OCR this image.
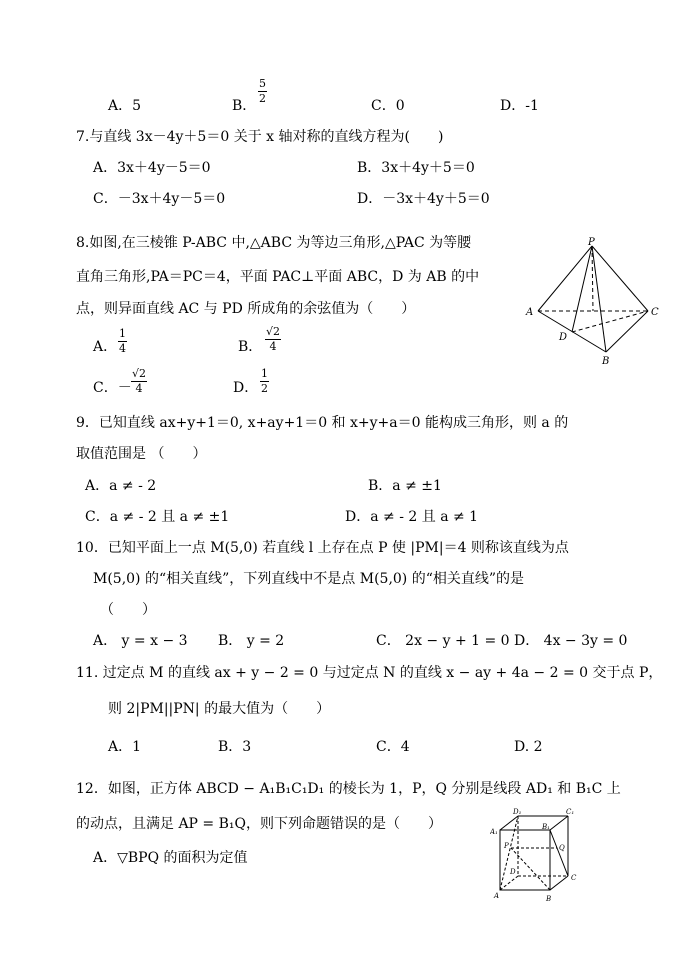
A．5	B．
5
2	C．0	D．-1
7.与直线 3x－4y＋5＝0 关于 x 轴对称的直线方程为(　　)
A．3x＋4y－5＝0	B．3x＋4y＋5＝0
C．－3x＋4y－5＝0	D．－3x＋4y＋5＝0
8.如图,在三棱锥 P-ABC 中,△ABC 为等边三角形,△PAC 为等腰
直角三角形,PA＝PC＝4，平面 PAC⊥平面 ABC，D 为 AB 的中
点，则异面直线 AC 与 PD 所成角的余弦值为（　　）
A．
1
4	B．
√2
4
C．－
√2
4	D．
1
2
P
A	C
D
B
9．已知直线 ax+y+1＝0, x+ay+1＝0 和 x+y+a＝0 能构成三角形，则 a 的
取值范围是 （　　）
A．a ≠ - 2	B．a ≠ ±1
C．a ≠ - 2 且 a ≠ ±1	D．a ≠ - 2 且 a ≠ 1
10．已知平面上一点 M(5,0) 若直线 l 上存在点 P 使 |PM|＝4 则称该直线为点
M(5,0) 的“相关直线”，下列直线中不是点 M(5,0) 的“相关直线”的是
（　　）
A． y = x − 3 B． y = 2	C． 2x − y + 1 = 0 D． 4x − 3y = 0
11. 过定点 M 的直线 ax + y − 2 = 0 与过定点 N 的直线 x − ay + 4a − 2 = 0 交于点 P，
则 2|PM||PN| 的最大值为（　　）
A．1	B．3	C．4	D. 2
12．如图，正方体 ABCD − A₁B₁C₁D₁ 的棱长为 1，P，Q 分别是线段 AD₁ 和 B₁C 上
的动点，且满足 AP = B₁Q，则下列命题错误的是（　　）
A．▽BPQ 的面积为定值
D₁	C₁
A₁
B₁
P	Q
C
A	B
D
